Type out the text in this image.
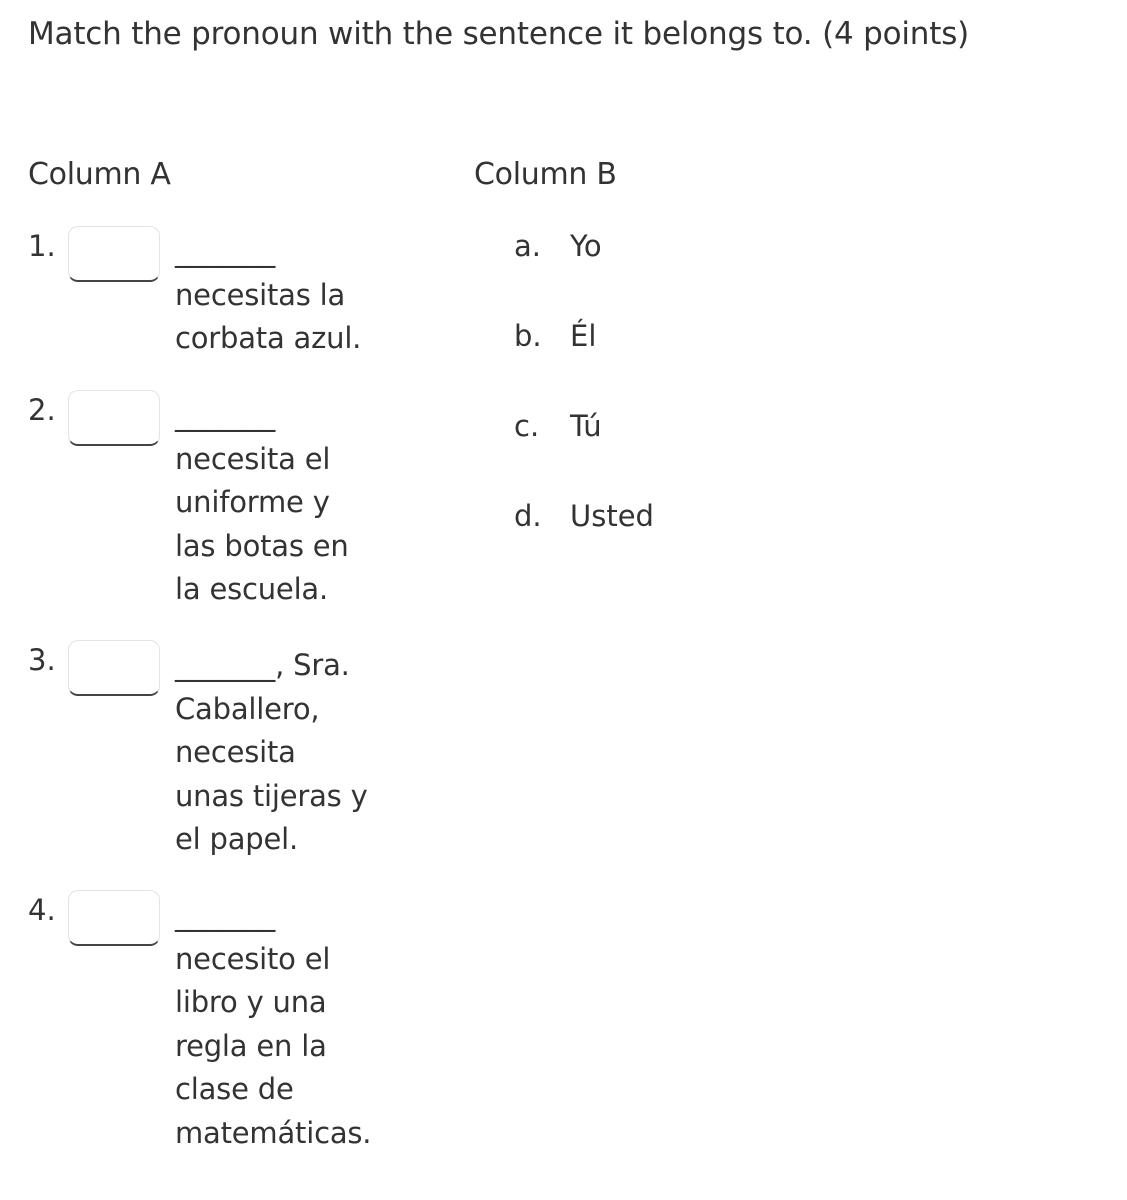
Match the pronoun with the sentence it belongs to. (4 points)
Column A	Column B
1.	_______
necesitas la
corbata azul.
2.	_______
necesita el
uniforme y
las botas en
la escuela.
3.	_______, Sra.
Caballero,
necesita
unas tijeras y
el papel.
4.	_______
necesito el
libro y una
regla en la
clase de
matemáticas.
a. Yo
b. Él
c. Tú
d. Usted
